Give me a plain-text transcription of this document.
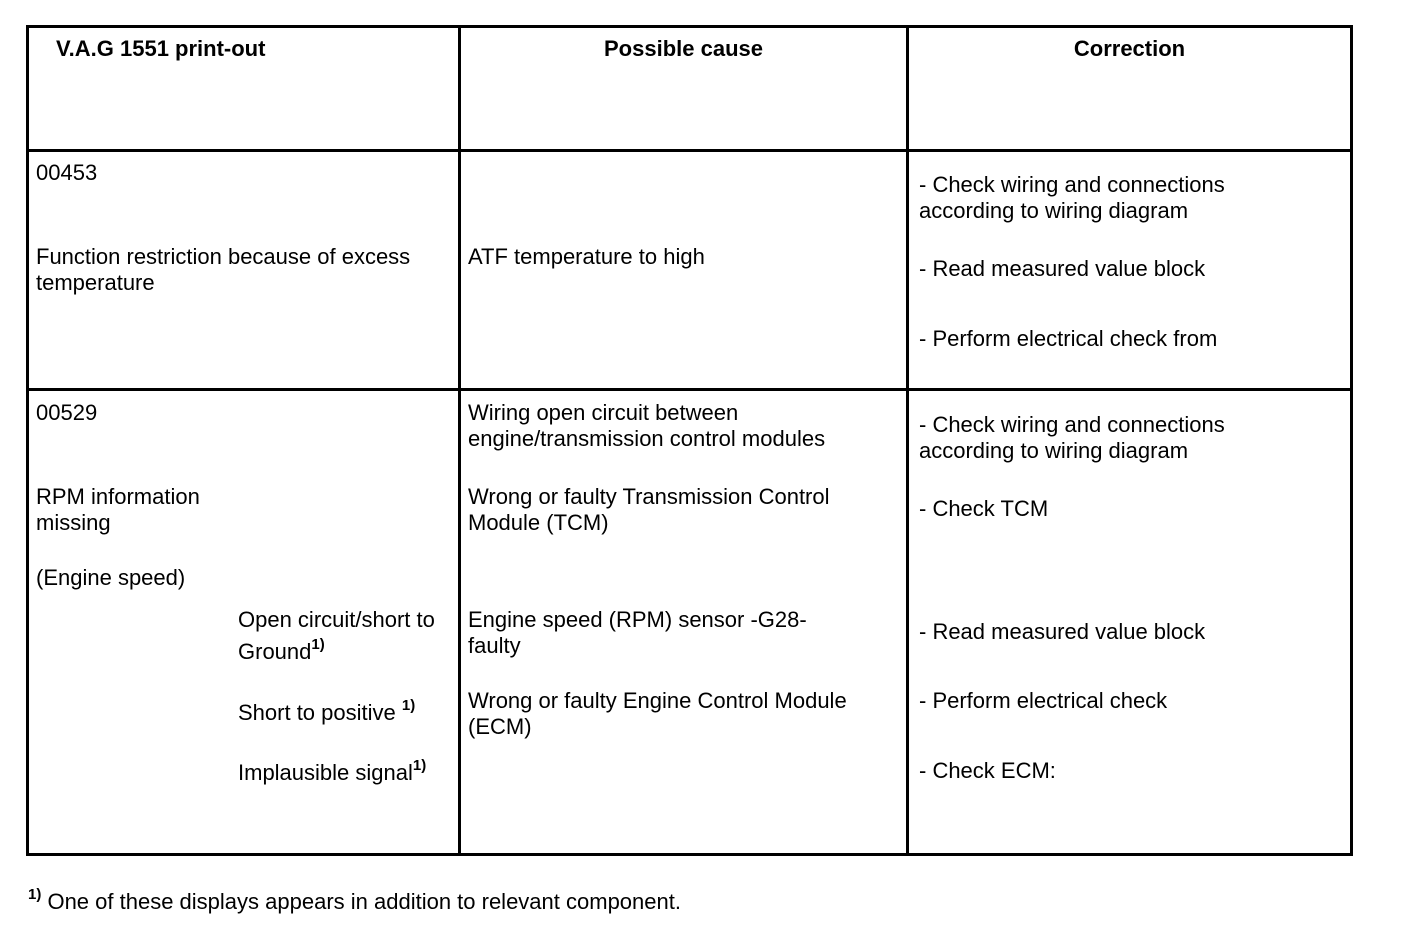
V.A.G 1551 print-out	Possible cause	Correction
00453
Function restriction because of excess
temperature
ATF temperature to high
- Check wiring and connections
according to wiring diagram
- Read measured value block
- Perform electrical check from
00529
RPM information
missing
(Engine speed)
Open circuit/short to
Ground$^{1)}$
Short to positive $^{1)}$
Implausible signal$^{1)}$
Wiring open circuit between
engine/transmission control modules
Wrong or faulty Transmission Control
Module (TCM)
Engine speed (RPM) sensor -G28-
faulty
Wrong or faulty Engine Control Module
(ECM)
- Check wiring and connections
according to wiring diagram
- Check TCM
- Read measured value block
- Perform electrical check
- Check ECM:
$^{1)}$ One of these displays appears in addition to relevant component.
